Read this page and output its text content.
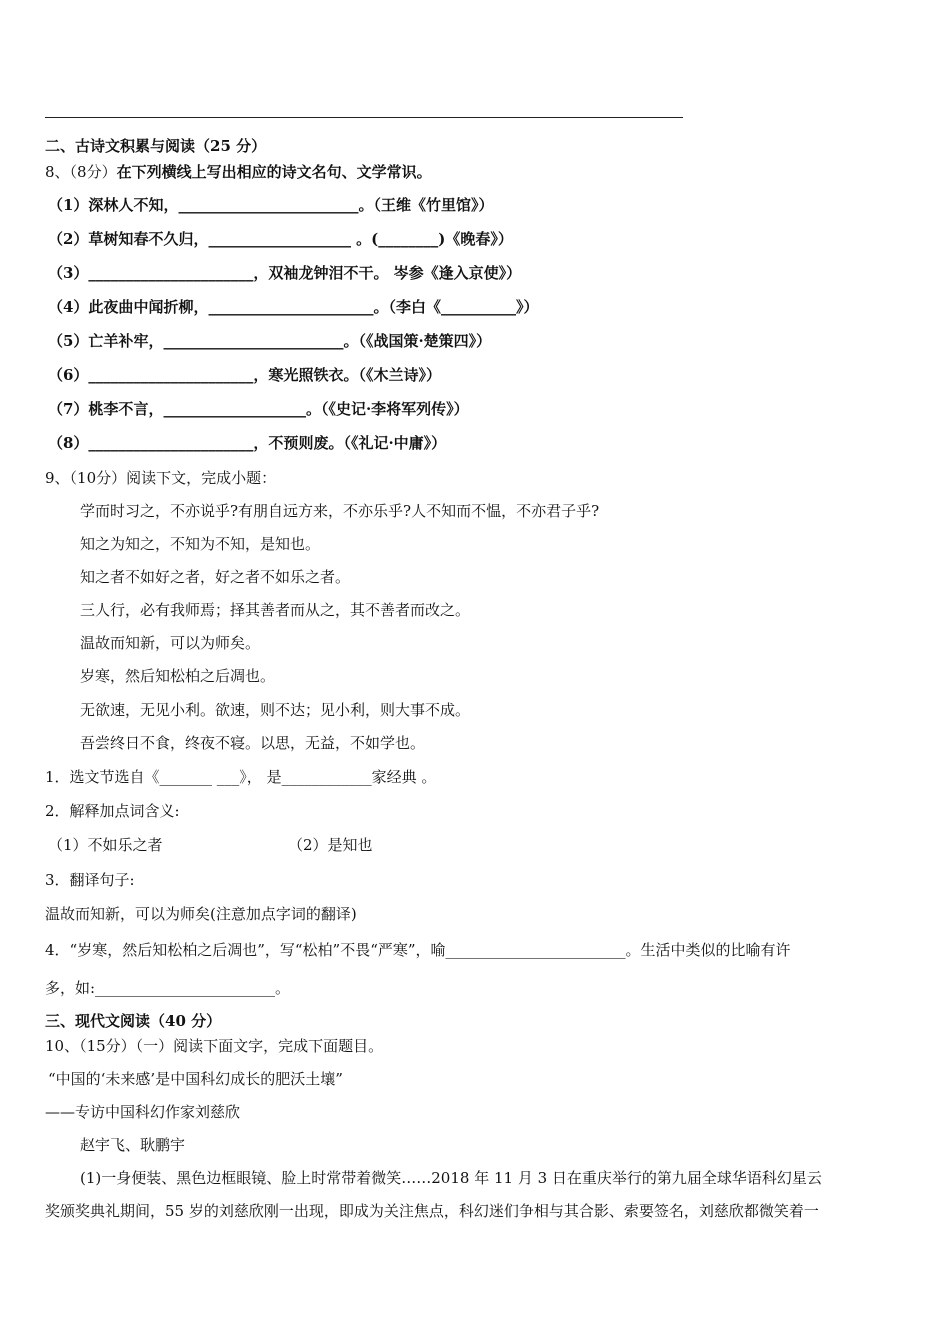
二、古诗文积累与阅读（25 分）
8、（8分）在下列横线上写出相应的诗文名句、文学常识。
（1）深林人不知，________________________。（王维《竹里馆》）
（2）草树知春不久归，___________________ 。(________)《晚春》）
（3）______________________，双袖龙钟泪不干。 岑参《逢入京使》）
（4）此夜曲中闻折柳，______________________。（李白《__________》）
（5）亡羊补牢，________________________。（《战国策·楚策四》）
（6）______________________，寒光照铁衣。（《木兰诗》）
（7）桃李不言，___________________。（《史记·李将军列传》）
（8）______________________，不预则废。（《礼记·中庸》）
9、（10分）阅读下文，完成小题：
学而时习之，不亦说乎?有朋自远方来，不亦乐乎?人不知而不愠，不亦君子乎?
知之为知之，不知为不知，是知也。
知之者不如好之者，好之者不如乐之者。
三人行，必有我师焉；择其善者而从之，其不善者而改之。
温故而知新，可以为师矣。
岁寒，然后知松柏之后凋也。
无欲速，无见小利。欲速，则不达；见小利，则大事不成。
吾尝终日不食，终夜不寝。以思，无益，不如学也。
1．选文节选自《_______ ___》， 是____________家经典 。
2．解释加点词含义:
（1）不如乐之者	（2）是知也
3．翻译句子:
温故而知新，可以为师矣(注意加点字词的翻译)
4．“岁寒，然后知松柏之后凋也”，写“松柏”不畏“严寒”，喻________________________。生活中类似的比喻有许
多，如:________________________。
三、现代文阅读（40 分）
10、（15分）（一）阅读下面文字，完成下面题目。
“中国的‘未来感’是中国科幻成长的肥沃土壤”
——专访中国科幻作家刘慈欣
赵宇飞、耿鹏宇
(1)一身便装、黑色边框眼镜、脸上时常带着微笑……2018 年 11 月 3 日在重庆举行的第九届全球华语科幻星云
奖颁奖典礼期间，55 岁的刘慈欣刚一出现，即成为关注焦点，科幻迷们争相与其合影、索要签名，刘慈欣都微笑着一
